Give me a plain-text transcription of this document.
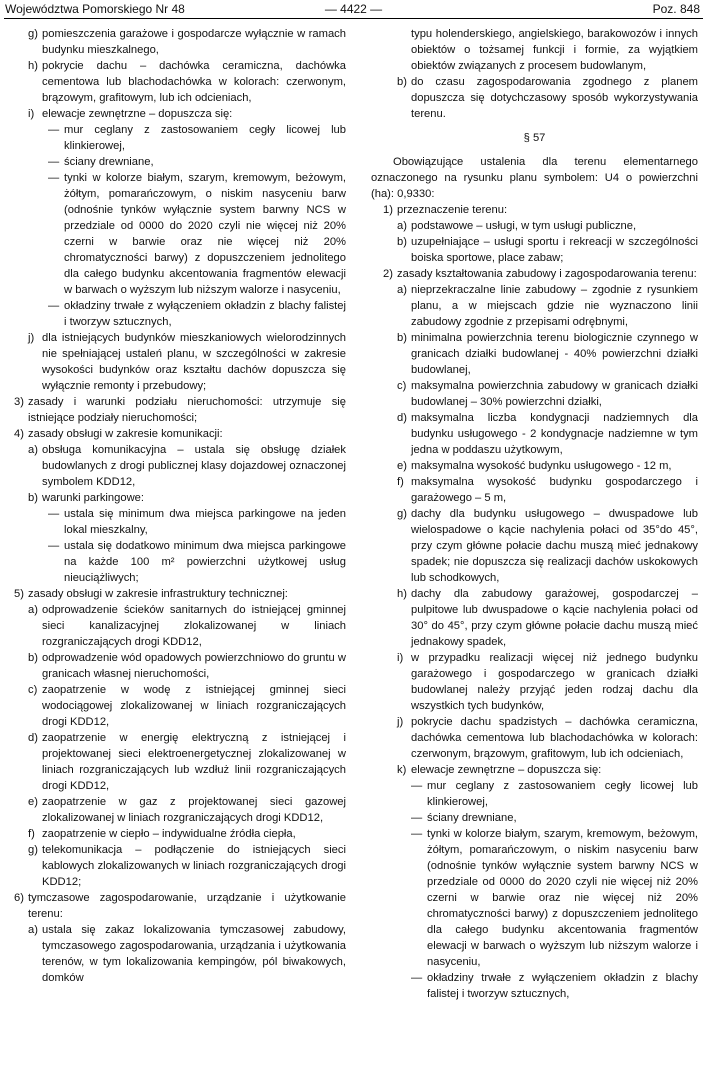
Województwa Pomorskiego Nr 48	— 4422 —	Poz. 848
g) pomieszczenia garażowe i gospodarcze wyłącznie w ramach budynku mieszkalnego,
h) pokrycie dachu – dachówka ceramiczna, dachówka cementowa lub blachodachówka w kolorach: czerwonym, brązowym, grafitowym, lub ich odcieniach,
i) elewacje zewnętrzne – dopuszcza się:
— mur ceglany z zastosowaniem cegły licowej lub klinkierowej,
— ściany drewniane,
— tynki w kolorze białym, szarym, kremowym, beżowym, żółtym, pomarańczowym, o niskim nasyceniu barw (odnośnie tynków wyłącznie system barwny NCS w przedziale od 0000 do 2020 czyli nie więcej niż 20% czerni w barwie oraz nie więcej niż 20% chromatyczności barwy) z dopuszczeniem jednolitego dla całego budynku akcentowania fragmentów elewacji w barwach o wyższym lub niższym walorze i nasyceniu,
— okładziny trwałe z wyłączeniem okładzin z blachy falistej i tworzyw sztucznych,
j) dla istniejących budynków mieszkaniowych wielorodzinnych nie spełniającej ustaleń planu, w szczególności w zakresie wysokości budynków oraz kształtu dachów dopuszcza się wyłącznie remonty i przebudowy;
3) zasady i warunki podziału nieruchomości: utrzymuje się istniejące podziały nieruchomości;
4) zasady obsługi w zakresie komunikacji:
a) obsługa komunikacyjna – ustala się obsługę działek budowlanych z drogi publicznej klasy dojazdowej oznaczonej symbolem KDD12,
b) warunki parkingowe:
— ustala się minimum dwa miejsca parkingowe na jeden lokal mieszkalny,
— ustala się dodatkowo minimum dwa miejsca parkingowe na każde 100 m² powierzchni użytkowej usług nieuciążliwych;
5) zasady obsługi w zakresie infrastruktury technicznej:
a) odprowadzenie ścieków sanitarnych do istniejącej gminnej sieci kanalizacyjnej zlokalizowanej w liniach rozgraniczających drogi KDD12,
b) odprowadzenie wód opadowych powierzchniowo do gruntu w granicach własnej nieruchomości,
c) zaopatrzenie w wodę z istniejącej gminnej sieci wodociągowej zlokalizowanej w liniach rozgraniczających drogi KDD12,
d) zaopatrzenie w energię elektryczną z istniejącej i projektowanej sieci elektroenergetycznej zlokalizowanej w liniach rozgraniczających lub wzdłuż linii rozgraniczających drogi KDD12,
e) zaopatrzenie w gaz z projektowanej sieci gazowej zlokalizowanej w liniach rozgraniczających drogi KDD12,
f) zaopatrzenie w ciepło – indywidualne źródła ciepła,
g) telekomunikacja – podłączenie do istniejących sieci kablowych zlokalizowanych w liniach rozgraniczających drogi KDD12;
6) tymczasowe zagospodarowanie, urządzanie i użytkowanie terenu:
a) ustala się zakaz lokalizowania tymczasowej zabudowy, tymczasowego zagospodarowania, urządzania i użytkowania terenów, w tym lokalizowania kempingów, pól biwakowych, domków
typu holenderskiego, angielskiego, barakowozów i innych obiektów o tożsamej funkcji i formie, za wyjątkiem obiektów związanych z procesem budowlanym,
b) do czasu zagospodarowania zgodnego z planem dopuszcza się dotychczasowy sposób wykorzystywania terenu.
§ 57
Obowiązujące ustalenia dla terenu elementarnego oznaczonego na rysunku planu symbolem: U4 o powierzchni (ha): 0,9330:
1) przeznaczenie terenu:
a) podstawowe – usługi, w tym usługi publiczne,
b) uzupełniające – usługi sportu i rekreacji w szczególności boiska sportowe, place zabaw;
2) zasady kształtowania zabudowy i zagospodarowania terenu:
a) nieprzekraczalne linie zabudowy – zgodnie z rysunkiem planu, a w miejscach gdzie nie wyznaczono linii zabudowy zgodnie z przepisami odrębnymi,
b) minimalna powierzchnia terenu biologicznie czynnego w granicach działki budowlanej - 40% powierzchni działki budowlanej,
c) maksymalna powierzchnia zabudowy w granicach działki budowlanej – 30% powierzchni działki,
d) maksymalna liczba kondygnacji nadziemnych dla budynku usługowego - 2 kondygnacje nadziemne w tym jedna w poddaszu użytkowym,
e) maksymalna wysokość budynku usługowego - 12 m,
f) maksymalna wysokość budynku gospodarczego i garażowego – 5 m,
g) dachy dla budynku usługowego – dwuspadowe lub wielospadowe o kącie nachylenia połaci od 35°do 45°, przy czym główne połacie dachu muszą mieć jednakowy spadek; nie dopuszcza się realizacji dachów uskokowych lub schodkowych,
h) dachy dla zabudowy garażowej, gospodarczej – pulpitowe lub dwuspadowe o kącie nachylenia połaci od 30° do 45°, przy czym główne połacie dachu muszą mieć jednakowy spadek,
i) w przypadku realizacji więcej niż jednego budynku garażowego i gospodarczego w granicach działki budowlanej należy przyjąć jeden rodzaj dachu dla wszystkich tych budynków,
j) pokrycie dachu spadzistych – dachówka ceramiczna, dachówka cementowa lub blachodachówka w kolorach: czerwonym, brązowym, grafitowym, lub ich odcieniach,
k) elewacje zewnętrzne – dopuszcza się:
— mur ceglany z zastosowaniem cegły licowej lub klinkierowej,
— ściany drewniane,
— tynki w kolorze białym, szarym, kremowym, beżowym, żółtym, pomarańczowym, o niskim nasyceniu barw (odnośnie tynków wyłącznie system barwny NCS w przedziale od 0000 do 2020 czyli nie więcej niż 20% czerni w barwie oraz nie więcej niż 20% chromatyczności barwy) z dopuszczeniem jednolitego dla całego budynku akcentowania fragmentów elewacji w barwach o wyższym lub niższym walorze i nasyceniu,
— okładziny trwałe z wyłączeniem okładzin z blachy falistej i tworzyw sztucznych,
